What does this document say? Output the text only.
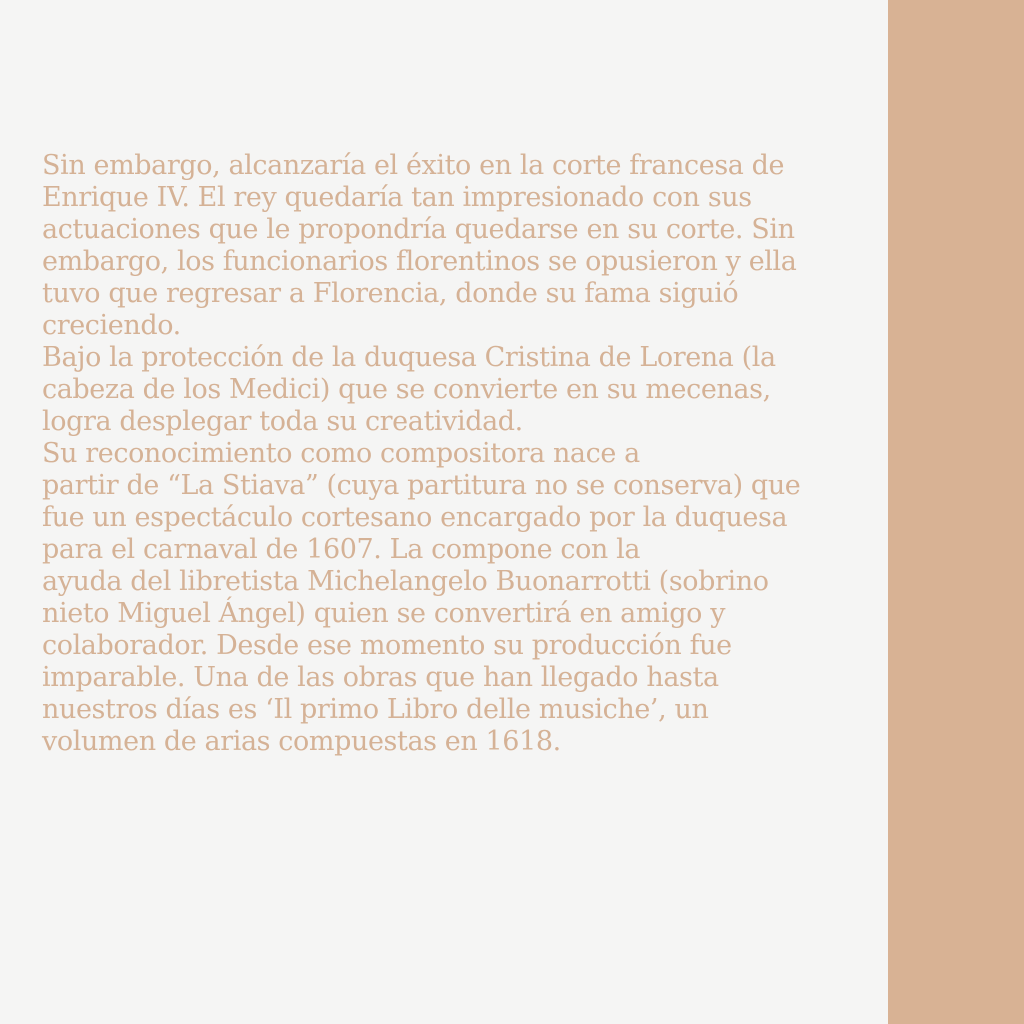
Sin embargo, alcanzaría el éxito en la corte francesa de
Enrique IV. El rey quedaría tan impresionado con sus
actuaciones que le propondría quedarse en su corte. Sin
embargo, los funcionarios florentinos se opusieron y ella
tuvo que regresar a Florencia, donde su fama siguió
creciendo.
Bajo la protección de la duquesa Cristina de Lorena (la
cabeza de los Medici) que se convierte en su mecenas,
logra desplegar toda su creatividad.
Su reconocimiento como compositora nace a
partir de “La Stiava” (cuya partitura no se conserva) que
fue un espectáculo cortesano encargado por la duquesa
para el carnaval de 1607. La compone con la
ayuda del libretista Michelangelo Buonarrotti (sobrino
nieto Miguel Ángel) quien se convertirá en amigo y
colaborador. Desde ese momento su producción fue
imparable. Una de las obras que han llegado hasta
nuestros días es ‘Il primo Libro delle musiche’, un
volumen de arias compuestas en 1618.
